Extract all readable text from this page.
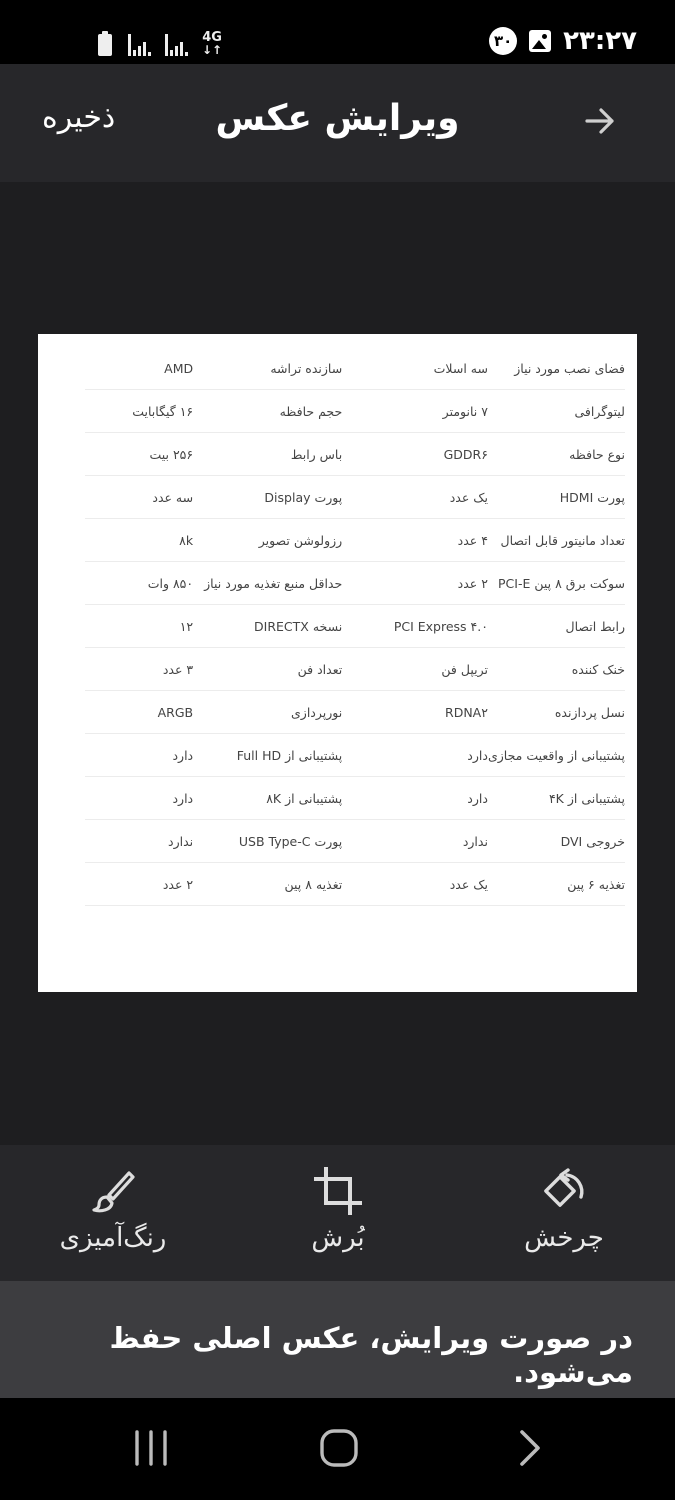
4G
↓↑	۳۰ ۲۳:۲۷
ذخیره	ویرایش عکس
فضای نصب مورد نیاز	سه اسلات	سازنده تراشه	AMD
لیتوگرافی	۷ نانومتر	حجم حافظه	۱۶ گیگابایت
نوع حافظه	GDDR۶	باس رابط	۲۵۶ بیت
پورت HDMI	یک عدد	پورت Display	سه عدد
تعداد مانیتور قابل اتصال	۴ عدد	رزولوشن تصویر	۸k
سوکت برق ۸ پین PCI-E	۲ عدد	حداقل منبع تغذیه مورد نیاز	۸۵۰ وات
رابط اتصال	PCI Express ۴.۰	نسخه DIRECTX	۱۲
خنک کننده	تریپل فن	تعداد فن	۳ عدد
نسل پردازنده	RDNA۲	نورپردازی	ARGB
پشتیبانی از واقعیت مجازی	دارد	پشتیبانی از Full HD	دارد
پشتیبانی از ۴K	دارد	پشتیبانی از ۸K	دارد
خروجی DVI	ندارد	پورت USB Type-C	ندارد
تغذیه ۶ پین	یک عدد	تغذیه ۸ پین	۲ عدد
چرخش
بُرش
رنگ‌آمیزی
در صورت ویرایش، عکس اصلی حفظ می‌شود.
